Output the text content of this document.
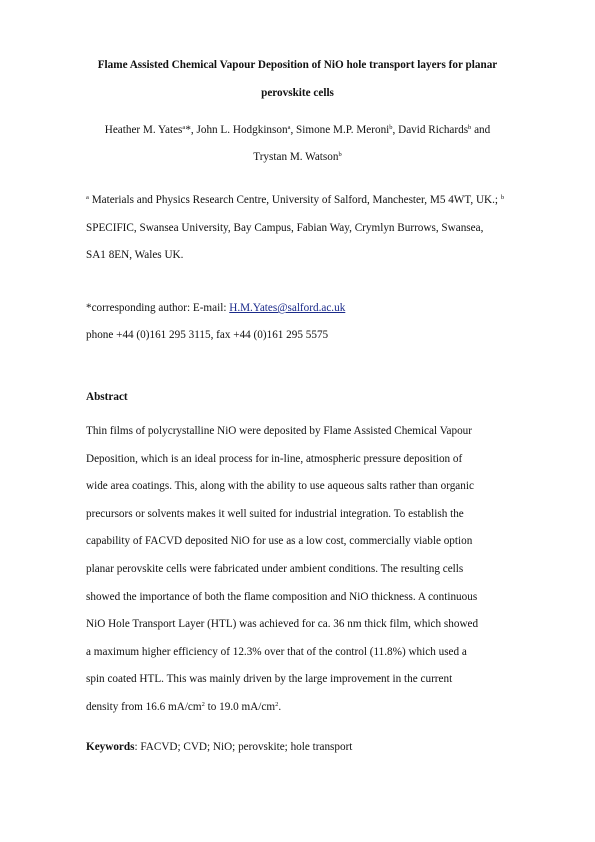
Flame Assisted Chemical Vapour Deposition of NiO hole transport layers for planar
perovskite cells
Heather M. Yates$^a$*, John L. Hodgkinson$^a$, Simone M.P. Meroni$^b$, David Richards$^b$ and
Trystan M. Watson$^b$
$^a$ Materials and Physics Research Centre, University of Salford, Manchester, M5 4WT, UK.; $^b$
SPECIFIC, Swansea University, Bay Campus, Fabian Way, Crymlyn Burrows, Swansea,
SA1 8EN, Wales UK.
*corresponding author: E-mail: H.M.Yates@salford.ac.uk
phone +44 (0)161 295 3115, fax +44 (0)161 295 5575
Abstract
Thin films of polycrystalline NiO were deposited by Flame Assisted Chemical Vapour
Deposition, which is an ideal process for in-line, atmospheric pressure deposition of
wide area coatings. This, along with the ability to use aqueous salts rather than organic
precursors or solvents makes it well suited for industrial integration. To establish the
capability of FACVD deposited NiO for use as a low cost, commercially viable option
planar perovskite cells were fabricated under ambient conditions. The resulting cells
showed the importance of both the flame composition and NiO thickness. A continuous
NiO Hole Transport Layer (HTL) was achieved for ca. 36 nm thick film, which showed
a maximum higher efficiency of 12.3% over that of the control (11.8%) which used a
spin coated HTL. This was mainly driven by the large improvement in the current
density from 16.6 $mA/cm^2$ to 19.0 $mA/cm^2$.
Keywords: FACVD; CVD; NiO; perovskite; hole transport
